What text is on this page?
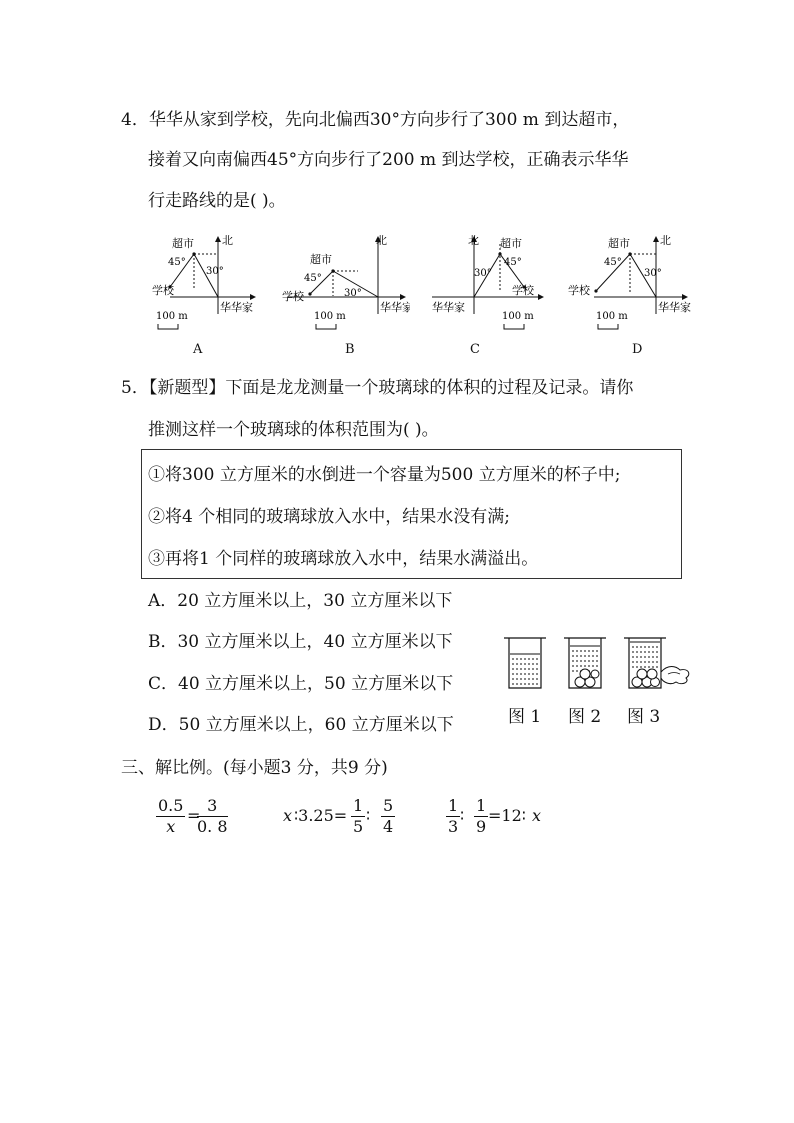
4．华华从家到学校，先向北偏西30°方向步行了300 m 到达超市，
接着又向南偏西45°方向步行了200 m 到达学校，正确表示华华
行走路线的是( )。
超市	北
45°
30°
学校
华华家
100 m
A
超市
北
45°
30°
学校
华华家
100 m
B
超市
北
45°
30°
学校
华华家
100 m
C
超市	北
45°
30°
学校
华华家
100 m
D
5．【新题型】下面是龙龙测量一个玻璃球的体积的过程及记录。请你
推测这样一个玻璃球的体积范围为( )。
①将300 立方厘米的水倒进一个容量为500 立方厘米的杯子中;
②将4 个相同的玻璃球放入水中，结果水没有满;
③再将1 个同样的玻璃球放入水中，结果水满溢出。
A．20 立方厘米以上，30 立方厘米以下
B．30 立方厘米以上，40 立方厘米以下
C．40 立方厘米以上，50 立方厘米以下
D．50 立方厘米以上，60 立方厘米以下	图 1 图 2 图 3
三、解比例。(每小题3 分，共9 分)
$\frac{0.5}{x}$ =
$\frac{3}{0. 8}$	x ∶3.25= $\frac{1}{5}$ ∶ $\frac{5}{4}$	$\frac{1}{3}$ ∶ $\frac{1}{9}$ =12∶ x
